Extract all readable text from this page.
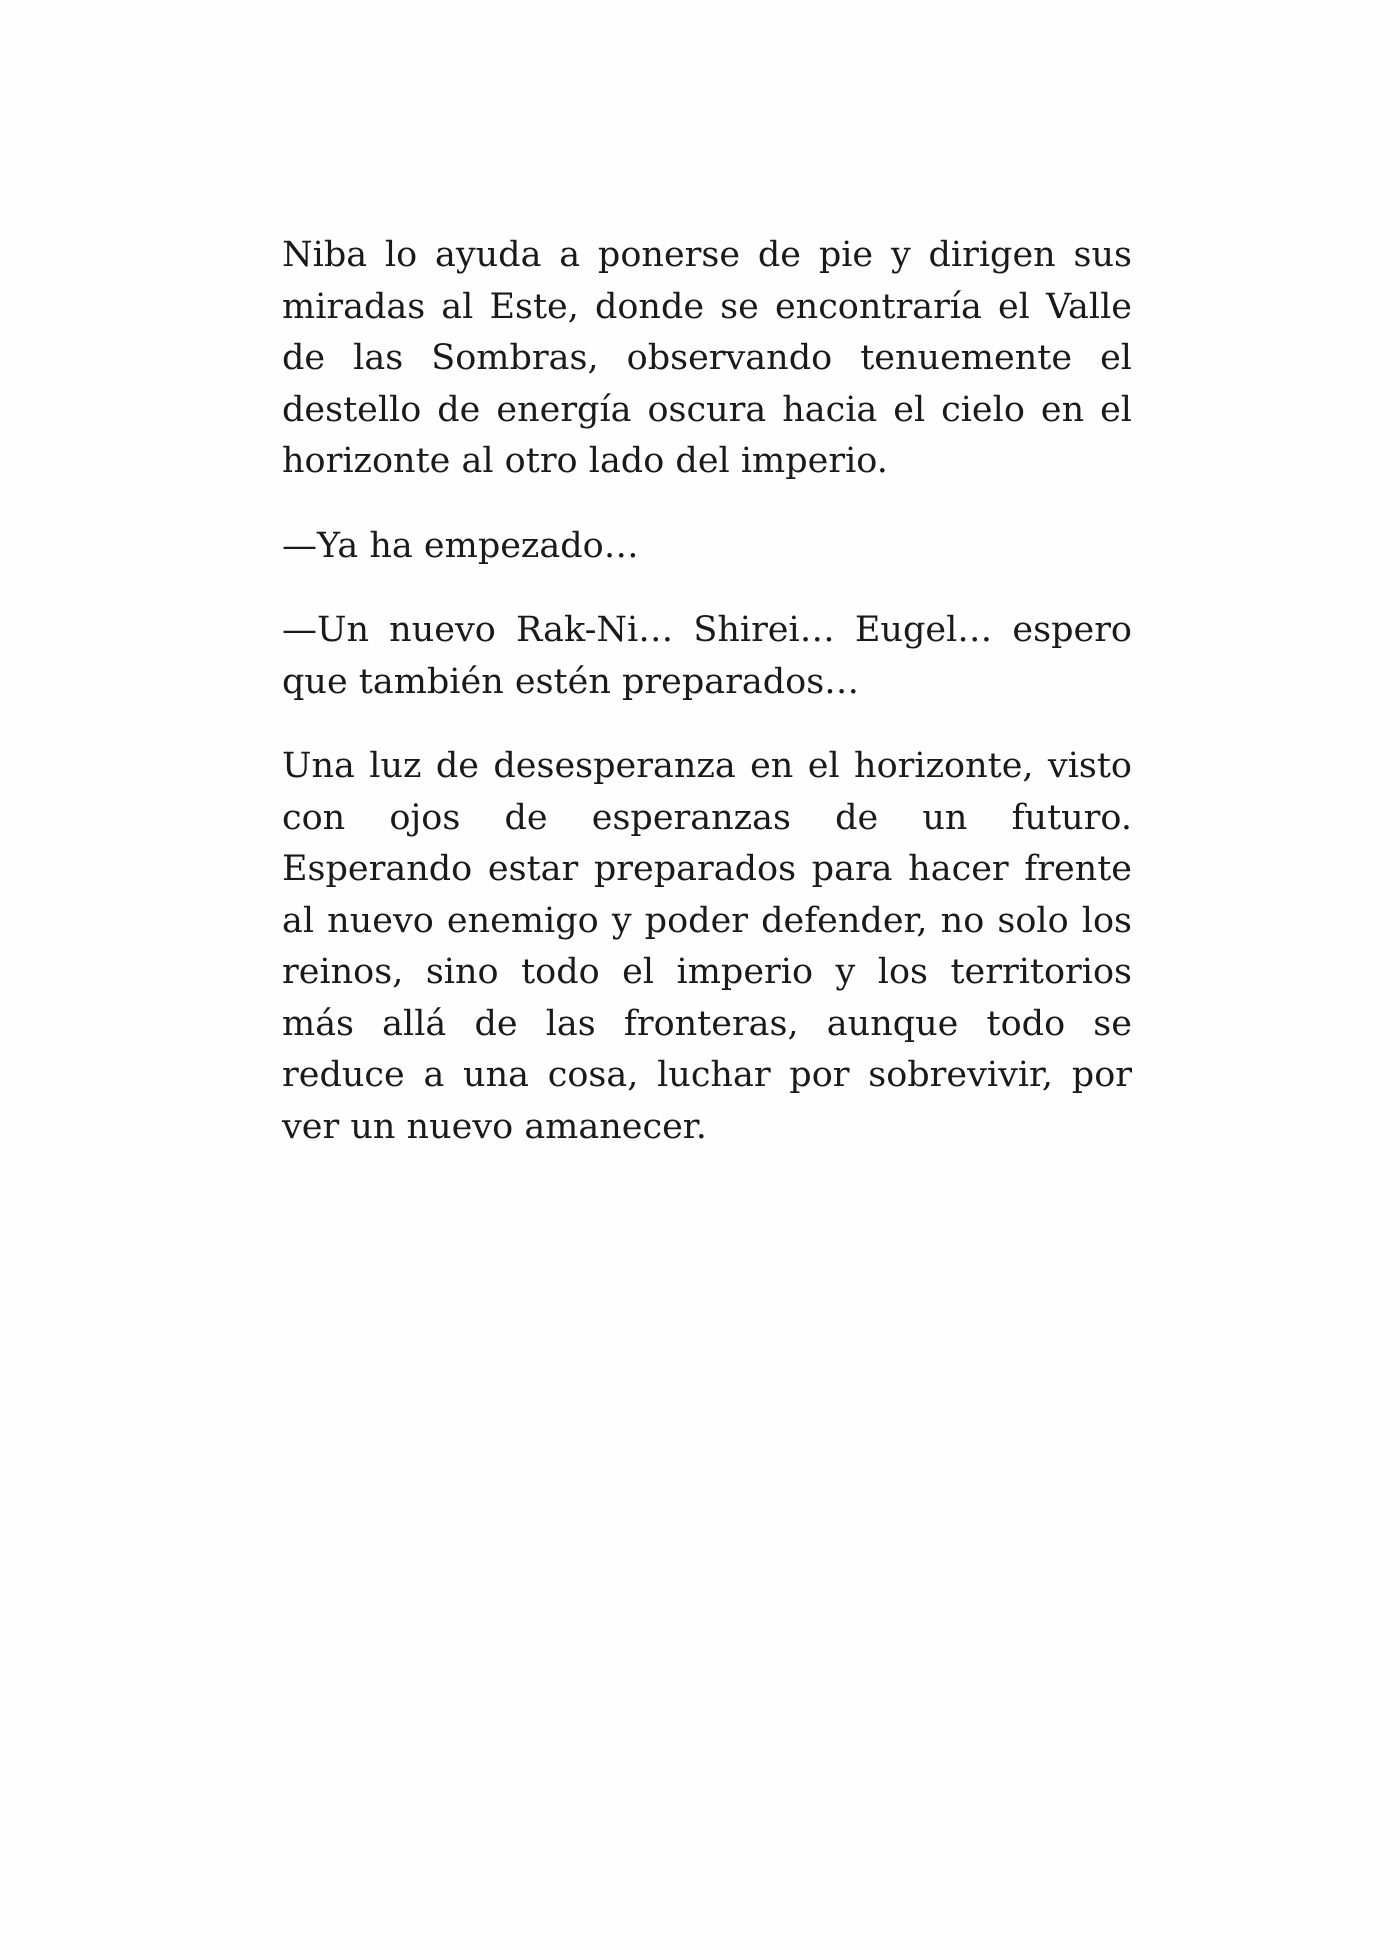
Niba lo ayuda a ponerse de pie y dirigen sus miradas al Este, donde se encontraría el Valle de las Sombras, observando tenuemente el destello de energía oscura hacia el cielo en el horizonte al otro lado del imperio.

—Ya ha empezado…

—Un nuevo Rak-Ni… Shirei… Eugel… espero que también estén preparados…

Una luz de desesperanza en el horizonte, visto con ojos de esperanzas de un futuro. Esperando estar preparados para hacer frente al nuevo enemigo y poder defender, no solo los reinos, sino todo el imperio y los territorios más allá de las fronteras, aunque todo se reduce a una cosa, luchar por sobrevivir, por ver un nuevo amanecer.
